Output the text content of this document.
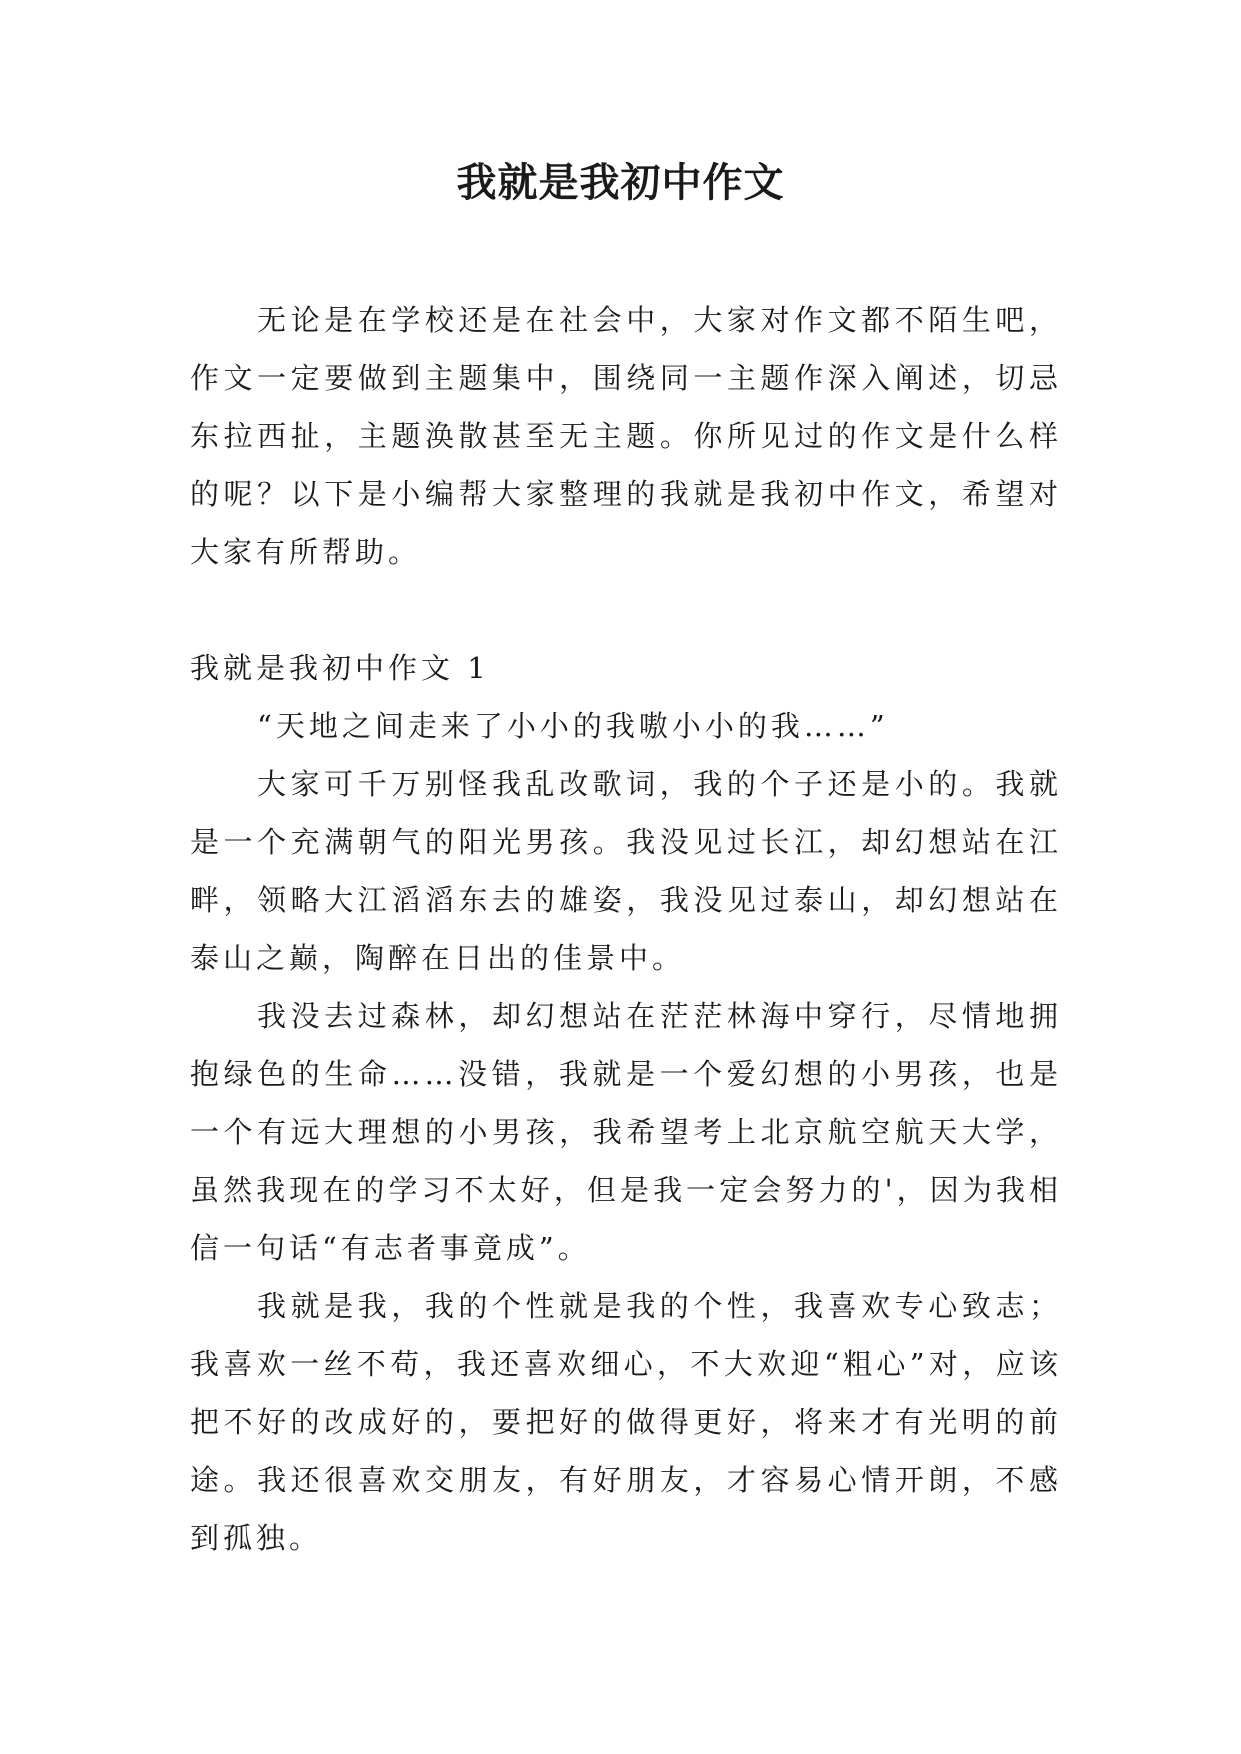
我就是我初中作文

无论是在学校还是在社会中，大家对作文都不陌生吧，作文一定要做到主题集中，围绕同一主题作深入阐述，切忌东拉西扯，主题涣散甚至无主题。你所见过的作文是什么样的呢？以下是小编帮大家整理的我就是我初中作文，希望对大家有所帮助。

我就是我初中作文 1

“天地之间走来了小小的我嗷小小的我……”

大家可千万别怪我乱改歌词，我的个子还是小的。我就是一个充满朝气的阳光男孩。我没见过长江，却幻想站在江畔，领略大江滔滔东去的雄姿，我没见过泰山，却幻想站在泰山之巅，陶醉在日出的佳景中。

我没去过森林，却幻想站在茫茫林海中穿行，尽情地拥抱绿色的生命……没错，我就是一个爱幻想的小男孩，也是一个有远大理想的小男孩，我希望考上北京航空航天大学，虽然我现在的学习不太好，但是我一定会努力的'，因为我相信一句话“有志者事竟成”。

我就是我，我的个性就是我的个性，我喜欢专心致志；我喜欢一丝不苟，我还喜欢细心，不大欢迎“粗心”对，应该把不好的改成好的，要把好的做得更好，将来才有光明的前途。我还很喜欢交朋友，有好朋友，才容易心情开朗，不感到孤独。
